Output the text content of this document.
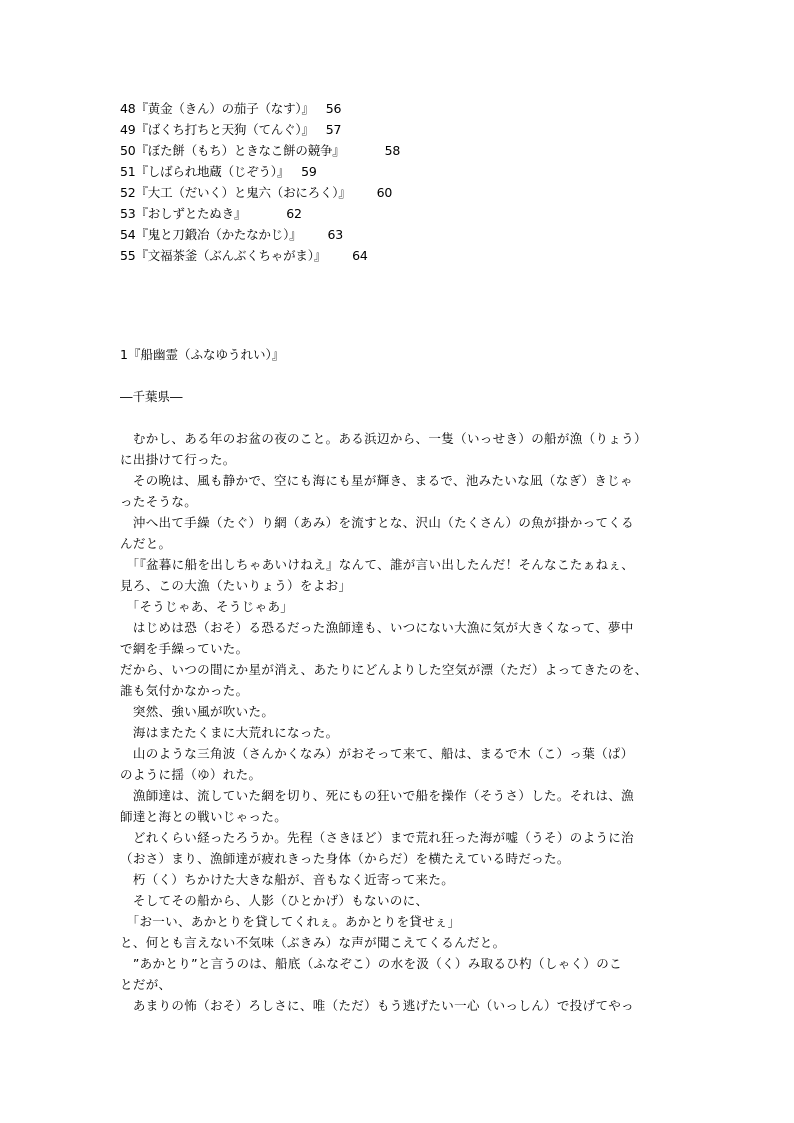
48『黄金（きん）の茄子（なす）』 56
49『ばくち打ちと天狗（てんぐ）』 57
50『ぼた餅（もち）ときなこ餅の競争』	58
51『しばられ地蔵（じぞう）』 59
52『大工（だいく）と鬼六（おにろく）』 60
53『おしずとたぬき』	62
54『鬼と刀鍛冶（かたなかじ）』 63
55『文福茶釜（ぶんぶくちゃがま）』 64
1『船幽霊（ふなゆうれい）』
―千葉県―
　むかし、ある年のお盆の夜のこと。ある浜辺から、一隻（いっせき）の船が漁（りょう）
に出掛けて行った。
　その晩は、風も静かで、空にも海にも星が輝き、まるで、池みたいな凪（なぎ）きじゃ
ったそうな。
　沖へ出て手繰（たぐ）り網（あみ）を流すとな、沢山（たくさん）の魚が掛かってくる
んだと。
　「『盆暮に船を出しちゃあいけねえ』なんて、誰が言い出したんだ！そんなこたぁねぇ、
見ろ、この大漁（たいりょう）をよお」
　「そうじゃあ、そうじゃあ」
　はじめは恐（おそ）る恐るだった漁師達も、いつにない大漁に気が大きくなって、夢中
で網を手繰っていた。
だから、いつの間にか星が消え、あたりにどんよりした空気が漂（ただ）よってきたのを、
誰も気付かなかった。
　突然、強い風が吹いた。
　海はまたたくまに大荒れになった。
　山のような三角波（さんかくなみ）がおそって来て、船は、まるで木（こ）っ葉（ぱ）
のように揺（ゆ）れた。
　漁師達は、流していた網を切り、死にもの狂いで船を操作（そうさ）した。それは、漁
師達と海との戦いじゃった。
　どれくらい経ったろうか。先程（さきほど）まで荒れ狂った海が嘘（うそ）のように治
（おさ）まり、漁師達が疲れきった身体（からだ）を横たえている時だった。
　朽（く）ちかけた大きな船が、音もなく近寄って来た。
　そしてその船から、人影（ひとかげ）もないのに、
　「お一い、あかとりを貸してくれぇ。あかとりを貸せぇ」
と、何とも言えない不気味（ぶきみ）な声が聞こえてくるんだと。
　”あかとり”と言うのは、船底（ふなぞこ）の水を汲（く）み取るひ杓（しゃく）のこ
とだが、
　あまりの怖（おそ）ろしさに、唯（ただ）もう逃げたい一心（いっしん）で投げてやっ
